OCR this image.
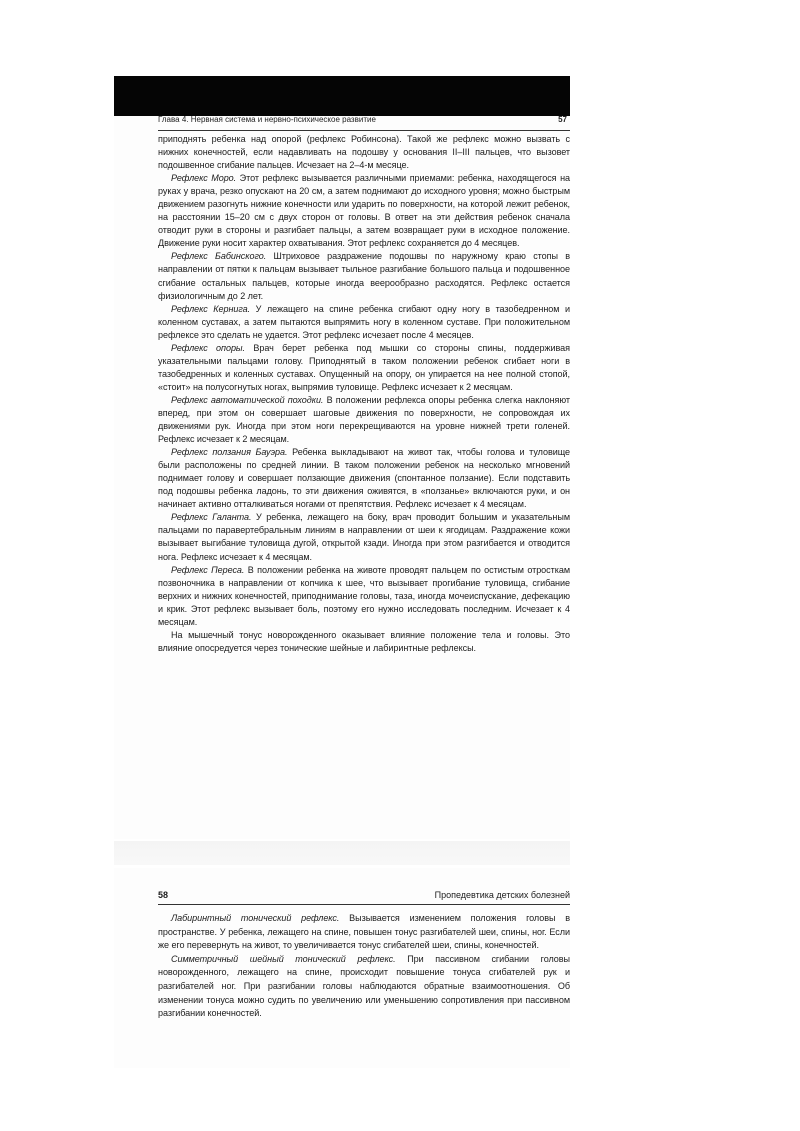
Глава 4. Нервная система и нервно-психическое развитие	57

приподнять ребенка над опорой (рефлекс Робинсона). Такой же рефлекс можно вызвать с нижних конечностей, если надавливать на подошву у основания II–III пальцев, что вызовет подошвенное сгибание пальцев. Исчезает на 2–4-м месяце.

Рефлекс Моро. Этот рефлекс вызывается различными приемами: ребенка, находящегося на руках у врача, резко опускают на 20 см, а затем поднимают до исходного уровня; можно быстрым движением разогнуть нижние конечности или ударить по поверхности, на которой лежит ребенок, на расстоянии 15–20 см с двух сторон от головы. В ответ на эти действия ребенок сначала отводит руки в стороны и разгибает пальцы, а затем возвращает руки в исходное положение. Движение руки носит характер охватывания. Этот рефлекс сохраняется до 4 месяцев.

Рефлекс Бабинского. Штриховое раздражение подошвы по наружному краю стопы в направлении от пятки к пальцам вызывает тыльное разгибание большого пальца и подошвенное сгибание остальных пальцев, которые иногда веерообразно расходятся. Рефлекс остается физиологичным до 2 лет.

Рефлекс Кернига. У лежащего на спине ребенка сгибают одну ногу в тазобедренном и коленном суставах, а затем пытаются выпрямить ногу в коленном суставе. При положительном рефлексе это сделать не удается. Этот рефлекс исчезает после 4 месяцев.

Рефлекс опоры. Врач берет ребенка под мышки со стороны спины, поддерживая указательными пальцами голову. Приподнятый в таком положении ребенок сгибает ноги в тазобедренных и коленных суставах. Опущенный на опору, он упирается на нее полной стопой, «стоит» на полусогнутых ногах, выпрямив туловище. Рефлекс исчезает к 2 месяцам.

Рефлекс автоматической походки. В положении рефлекса опоры ребенка слегка наклоняют вперед, при этом он совершает шаговые движения по поверхности, не сопровождая их движениями рук. Иногда при этом ноги перекрещиваются на уровне нижней трети голеней. Рефлекс исчезает к 2 месяцам.

Рефлекс ползания Бауэра. Ребенка выкладывают на живот так, чтобы голова и туловище были расположены по средней линии. В таком положении ребенок на несколько мгновений поднимает голову и совершает ползающие движения (спонтанное ползание). Если подставить под подошвы ребенка ладонь, то эти движения оживятся, в «ползанье» включаются руки, и он начинает активно отталкиваться ногами от препятствия. Рефлекс исчезает к 4 месяцам.

Рефлекс Галанта. У ребенка, лежащего на боку, врач проводит большим и указательным пальцами по паравертебральным линиям в направлении от шеи к ягодицам. Раздражение кожи вызывает выгибание туловища дугой, открытой кзади. Иногда при этом разгибается и отводится нога. Рефлекс исчезает к 4 месяцам.

Рефлекс Переса. В положении ребенка на животе проводят пальцем по остистым отросткам позвоночника в направлении от копчика к шее, что вызывает прогибание туловища, сгибание верхних и нижних конечностей, приподнимание головы, таза, иногда мочеиспускание, дефекацию и крик. Этот рефлекс вызывает боль, поэтому его нужно исследовать последним. Исчезает к 4 месяцам.

На мышечный тонус новорожденного оказывает влияние положение тела и головы. Это влияние опосредуется через тонические шейные и лабиринтные рефлексы.

58	Пропедевтика детских болезней

Лабиринтный тонический рефлекс. Вызывается изменением положения головы в пространстве. У ребенка, лежащего на спине, повышен тонус разгибателей шеи, спины, ног. Если же его перевернуть на живот, то увеличивается тонус сгибателей шеи, спины, конечностей.

Симметричный шейный тонический рефлекс. При пассивном сгибании головы новорожденного, лежащего на спине, происходит повышение тонуса сгибателей рук и разгибателей ног. При разгибании головы наблюдаются обратные взаимоотношения. Об изменении тонуса можно судить по увеличению или уменьшению сопротивления при пассивном разгибании конечностей.
